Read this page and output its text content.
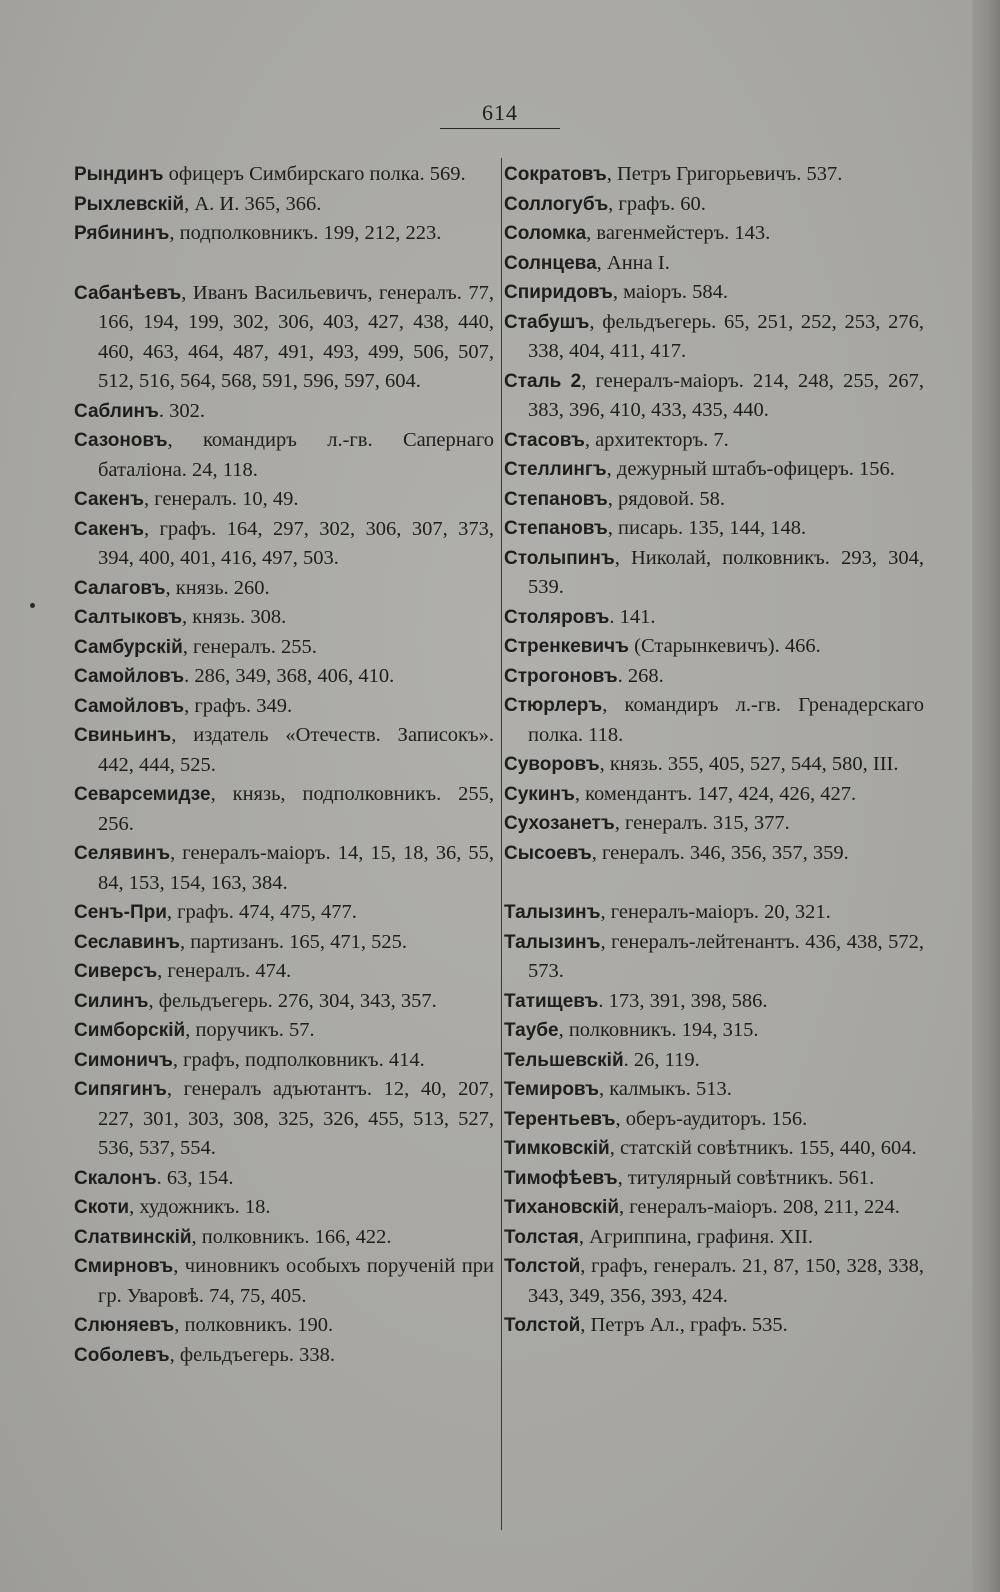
614

Рындинъ офицеръ Симбирскаго полка. 569.

Рыхлевскій, А. И. 365, 366.

Рябининъ, подполковникъ. 199, 212, 223.

Сабанѣевъ, Иванъ Васильевичъ, генералъ. 77, 166, 194, 199, 302, 306, 403, 427, 438, 440, 460, 463, 464, 487, 491, 493, 499, 506, 507, 512, 516, 564, 568, 591, 596, 597, 604.

Саблинъ. 302.

Сазоновъ, командиръ л.-гв. Сапернаго баталіона. 24, 118.

Сакенъ, генералъ. 10, 49.

Сакенъ, графъ. 164, 297, 302, 306, 307, 373, 394, 400, 401, 416, 497, 503.

Салаговъ, князь. 260.

Салтыковъ, князь. 308.

Самбурскій, генералъ. 255.

Самойловъ. 286, 349, 368, 406, 410.

Самойловъ, графъ. 349.

Свиньинъ, издатель «Отечеств. Записокъ». 442, 444, 525.

Севарсемидзе, князь, подполковникъ. 255, 256.

Селявинъ, генералъ-маіоръ. 14, 15, 18, 36, 55, 84, 153, 154, 163, 384.

Сенъ-При, графъ. 474, 475, 477.

Сеславинъ, партизанъ. 165, 471, 525.

Сиверсъ, генералъ. 474.

Силинъ, фельдъегерь. 276, 304, 343, 357.

Симборскій, поручикъ. 57.

Симоничъ, графъ, подполковникъ. 414.

Сипягинъ, генералъ адъютантъ. 12, 40, 207, 227, 301, 303, 308, 325, 326, 455, 513, 527, 536, 537, 554.

Скалонъ. 63, 154.

Скоти, художникъ. 18.

Слатвинскій, полковникъ. 166, 422.

Смирновъ, чиновникъ особыхъ порученій при гр. Уваровѣ. 74, 75, 405.

Слюняевъ, полковникъ. 190.

Соболевъ, фельдъегерь. 338.

Сократовъ, Петръ Григорьевичъ. 537.

Соллогубъ, графъ. 60.

Соломка, вагенмейстеръ. 143.

Солнцева, Анна I.

Спиридовъ, маіоръ. 584.

Стабушъ, фельдъегерь. 65, 251, 252, 253, 276, 338, 404, 411, 417.

Сталь 2, генералъ-маіоръ. 214, 248, 255, 267, 383, 396, 410, 433, 435, 440.

Стасовъ, архитекторъ. 7.

Стеллингъ, дежурный штабъ-офицеръ. 156.

Степановъ, рядовой. 58.

Степановъ, писарь. 135, 144, 148.

Столыпинъ, Николай, полковникъ. 293, 304, 539.

Столяровъ. 141.

Стренкевичъ (Старынкевичъ). 466.

Строгоновъ. 268.

Стюрлеръ, командиръ л.-гв. Гренадерскаго полка. 118.

Суворовъ, князь. 355, 405, 527, 544, 580, III.

Сукинъ, комендантъ. 147, 424, 426, 427.

Сухозанетъ, генералъ. 315, 377.

Сысоевъ, генералъ. 346, 356, 357, 359.

Талызинъ, генералъ-маіоръ. 20, 321.

Талызинъ, генералъ-лейтенантъ. 436, 438, 572, 573.

Татищевъ. 173, 391, 398, 586.

Таубе, полковникъ. 194, 315.

Тельшевскій. 26, 119.

Темировъ, калмыкъ. 513.

Терентьевъ, оберъ-аудиторъ. 156.

Тимковскій, статскій совѣтникъ. 155, 440, 604.

Тимофѣевъ, титулярный совѣтникъ. 561.

Тихановскій, генералъ-маіоръ. 208, 211, 224.

Толстая, Агриппина, графиня. XII.

Толстой, графъ, генералъ. 21, 87, 150, 328, 338, 343, 349, 356, 393, 424.

Толстой, Петръ Ал., графъ. 535.
